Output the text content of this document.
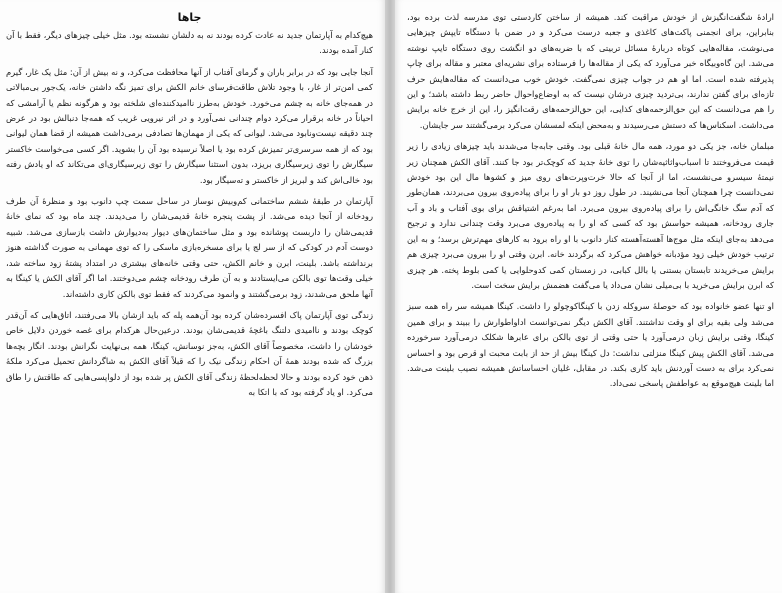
جاها

هیچ‌کدام به آپارتمان جدید نه عادت کرده بودند نه به دلشان نشسته بود. مثل خیلی چیزهای دیگر، فقط با آن کنار آمده بودند.

آنجا جایی بود که در برابر باران و گرمای آفتاب از آنها محافظت می‌کرد، و نه بیش از آن: مثل یک غار، گیرم کمی امن‌تر از غار، با وجود تلاش طاقت‌فرسای خانم الکش برای تمیز نگه داشتن خانه، یک‌جور بی‌مبالاتی در همه‌جای خانه به چشم می‌خورد. خودش به‌طرز ناامیدکننده‌ای شلخته بود و هرگونه نظم یا آرامشی که احیاناً در خانه برقرار می‌کرد دوام چندانی نمی‌آورد و در اثر نیرویی غریب که همه‌جا دنبالش بود در عرض چند دقیقه نیست‌ونابود می‌شد. لیوانی که یکی از مهمان‌ها تصادفی برمی‌داشت همیشه از قضا همان لیوانی بود که از همه سرسری‌تر تمیزش کرده بود یا اصلاً نرسیده بود آن را بشوید. اگر کسی می‌خواست خاکستر سیگارش را توی زیرسیگاری بریزد، بدون استثنا سیگارش را توی زیرسیگاری‌ای می‌تکاند که او یادش رفته بود خالی‌اش کند و لبریز از خاکستر و ته‌سیگار بود.

آپارتمان در طبقهٔ ششم ساختمانی کم‌وبیش نوساز در ساحل سمت چپ دانوب بود و منظرهٔ آن طرف رودخانه از آنجا دیده می‌شد. از پشت پنجره خانهٔ قدیمی‌شان را می‌دیدند. چند ماه بود که نمای خانهٔ قدیمی‌شان را داربست پوشانده بود و مثل ساختمان‌های دیوار به‌دیوارش داشت بازسازی می‌شد. شبیه دوست آدم در کودکی که از سر لج یا برای مسخره‌بازی ماسکی را که توی مهمانی به صورت گذاشته هنوز برنداشته باشد. بلینت، ابرن و خانم الکش، حتی وقتی خانه‌های بیشتری در امتداد پشتهٔ زود ساخته شد، خیلی وقت‌ها توی بالکن می‌ایستادند و به آن طرف رودخانه چشم می‌دوختند. اما اگر آقای الکش یا کینگا به آنها ملحق می‌شدند، زود برمی‌گشتند و وانمود می‌کردند که فقط توی بالکن کاری داشته‌اند.

زندگی توی آپارتمان پاک افسرده‌شان کرده بود آن‌همه پله که باید ازشان بالا می‌رفتند، اتاق‌هایی که آن‌قدر کوچک بودند و ناامیدی دلتنگ باغچهٔ قدیمی‌شان بودند. درعین‌حال هرکدام برای غصه خوردن دلایل خاص خودشان را داشت، مخصوصاً آقای الکش، به‌جز نوسانش، کینگا، همه بی‌نهایت نگرانش بودند. انگار بچه‌ها بزرگ که شده بودند همهٔ آن احکام زندگی نیک را که قبلاً آقای الکش به شاگردانش تحمیل می‌کرد ملکهٔ ذهن خود کرده بودند و حالا لحظه‌لحظهٔ زندگی آقای الکش پر شده بود از دلواپسی‌هایی که طاقتش را طاق می‌کرد. او یاد گرفته بود که با اتکا به

ارادهٔ شگفت‌انگیزش از خودش مراقبت کند. همیشه از ساختن کاردستی توی مدرسه لذت برده بود، بنابراین، برای انجمنی پاکت‌های کاغذی و جعبه درست می‌کرد و در ضمن با دستگاه تایپش چیزهایی می‌نوشت، مقاله‌هایی کوتاه دربارهٔ مسائل تربیتی که با ضربه‌های دو انگشت روی دستگاه تایپ نوشته می‌شد. این گاه‌وبیگاه خبر می‌آورد که یکی از مقاله‌ها را فرستاده برای نشریه‌ای معتبر و مقاله برای چاپ پذیرفته شده است. اما او هم در جواب چیزی نمی‌گفت. خودش خوب می‌دانست که مقاله‌هایش حرف تازه‌ای برای گفتن ندارند، بی‌تردید چیزی درشان نیست که به اوضاع‌واحوال حاضر ربط داشته باشد؛ و این را هم می‌دانست که این حق‌الزحمه‌های کذایی، این حق‌الزحمه‌های رقت‌انگیز را، این از خرج خانه برایش می‌داشت. اسکناس‌ها که دستش می‌رسیدند و به‌محض اینکه لمسشان می‌کرد برمی‌گشتند سر جایشان.

مبلمان خانه، جز یکی دو مورد، همه مال خانهٔ قبلی بود. وقتی جابه‌جا می‌شدند باید چیزهای زیادی را زیر قیمت می‌فروختند تا اسباب‌واثاثیه‌شان را توی خانهٔ جدید که کوچک‌تر بود جا کنند. آقای الکش همچنان زیر نیمتهٔ سیسرو می‌نشست، اما از آنجا که حالا خرت‌وپرت‌های روی میز و کشوها مال این بود خودش نمی‌دانست چرا همچنان آنجا می‌نشیند. در طول روز دو بار او را برای پیاده‌روی بیرون می‌بردند، همان‌طور که آدم سگ خانگی‌اش را برای پیاده‌روی بیرون می‌برد. اما به‌رغم اشتیاقش برای بوی آفتاب و باد و آب جاری رودخانه، همیشه حواسش بود که کسی که او را به پیاده‌روی می‌برد وقت چندانی ندارد و ترجیح می‌دهد به‌جای اینکه مثل موج‌ها آهسته‌آهسته کنار دانوب با او راه برود به کارهای مهم‌ترش برسد؛ و به این ترتیب خودش خیلی زود مؤدبانه خواهش می‌کرد که برگردند خانه. ابرن وقتی او را بیرون می‌برد چیزی هم برایش می‌خریدند تابستان بستنی یا بالل کبابی، در زمستان کمی کدوحلوایی یا کمی بلوط پخته. هر چیزی که ابرن برایش می‌خرید با بی‌میلی نشان می‌داد یا می‌گفت هضمش برایش سخت است.

او تنها عضو خانواده بود که حوصلهٔ سروکله زدن با کینگاکوچولو را داشت. کینگا همیشه سر راه همه سبز می‌شد ولی بقیه برای او وقت نداشتند. آقای الکش دیگر نمی‌توانست اداواطوارش را ببیند و برای همین کینگا، وقتی برایش زبان درمی‌آورد یا حتی وقتی از توی بالکن برای عابرها شکلک درمی‌آورد سرخورده می‌شد. آقای الکش پیش کینگا منزلتی نداشت: دل کینگا بیش از حد از بابت محبت او قرص بود و احساس نمی‌کرد برای به دست آوردنش باید کاری بکند. در مقابل، غلیان احساساتش همیشه نصیب بلینت می‌شد. اما بلینت هیچ‌موقع به عواطفش پاسخی نمی‌داد.
